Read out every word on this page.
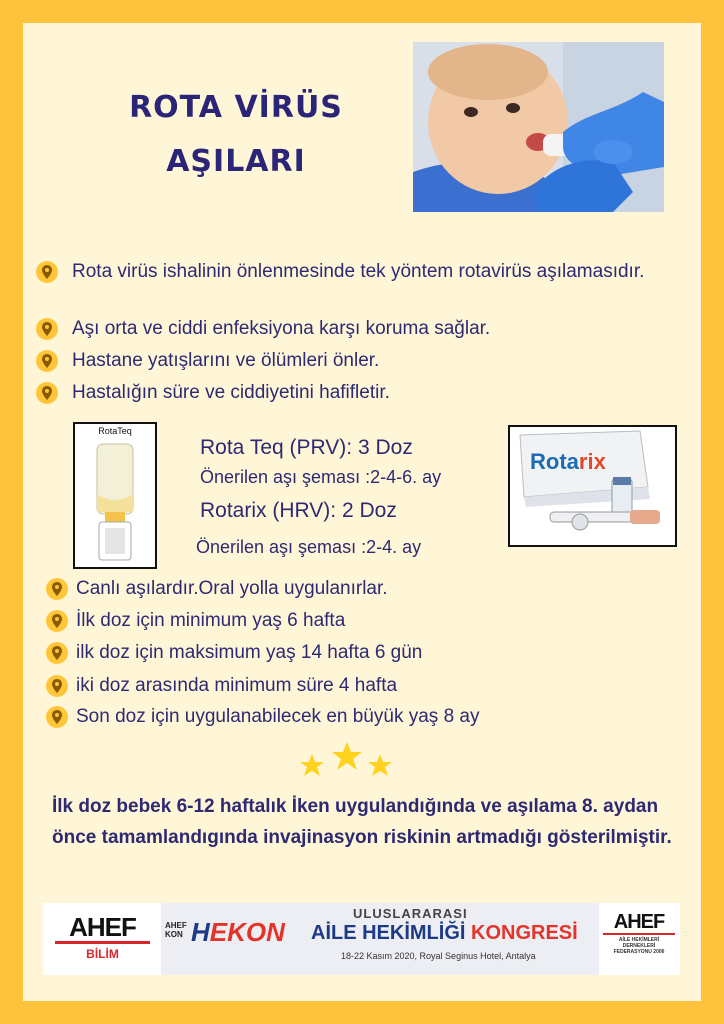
ROTA VİRÜS
AŞILARI
Rota virüs ishalinin önlenmesinde tek yöntem rotavirüs aşılamasıdır.
Aşı orta ve ciddi enfeksiyona karşı koruma sağlar.
Hastane yatışlarını ve ölümleri önler.
Hastalığın süre ve ciddiyetini hafifletir.
RotaTeq
Rota Teq (PRV): 3 Doz
Önerilen aşı şeması :2-4-6. ay
Rotarix (HRV): 2 Doz
Önerilen aşı şeması :2-4. ay
Rotarix
Canlı aşılardır.Oral yolla uygulanırlar.
İlk doz için minimum yaş 6 hafta
ilk doz için maksimum yaş 14 hafta 6 gün
iki doz arasında minimum süre 4 hafta
Son doz için uygulanabilecek en büyük yaş 8 ay
İlk doz bebek 6-12 haftalık İken uygulandığında ve aşılama 8. aydan önce tamamlandıgında invajinasyon riskinin artmadığı gösterilmiştir.
AHEF
BİLİM
AHEF KON HEKON
ULUSLARARASI
AİLE HEKİMLİĞİ KONGRESİ
18-22 Kasım 2020, Royal Seginus Hotel, Antalya
AHEF
AİLE HEKİMLERİ DERNEKLERİ FEDERASYONU 2006
